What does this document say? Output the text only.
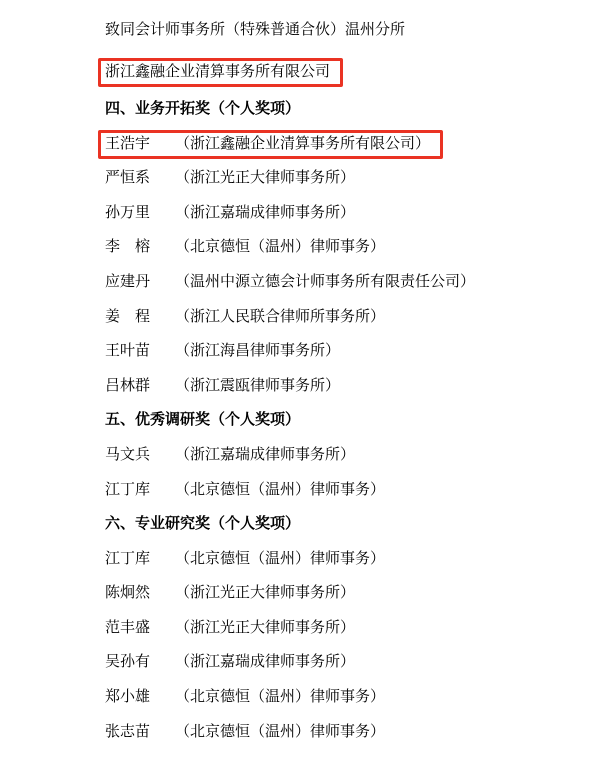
致同会计师事务所（特殊普通合伙）温州分所
浙江鑫融企业清算事务所有限公司
四、业务开拓奖（个人奖项）
王浩宇	（浙江鑫融企业清算事务所有限公司）
严恒系	（浙江光正大律师事务所）
孙万里	（浙江嘉瑞成律师事务所）
李　榕	（北京德恒（温州）律师事务）
应建丹	（温州中源立德会计师事务所有限责任公司）
姜　程	（浙江人民联合律师所事务所）
王叶苗	（浙江海昌律师事务所）
吕林群	（浙江震瓯律师事务所）
五、优秀调研奖（个人奖项）
马文兵	（浙江嘉瑞成律师事务所）
江丁库	（北京德恒（温州）律师事务）
六、专业研究奖（个人奖项）
江丁库	（北京德恒（温州）律师事务）
陈炯然	（浙江光正大律师事务所）
范丰盛	（浙江光正大律师事务所）
吴孙有	（浙江嘉瑞成律师事务所）
郑小雄	（北京德恒（温州）律师事务）
张志苗	（北京德恒（温州）律师事务）
